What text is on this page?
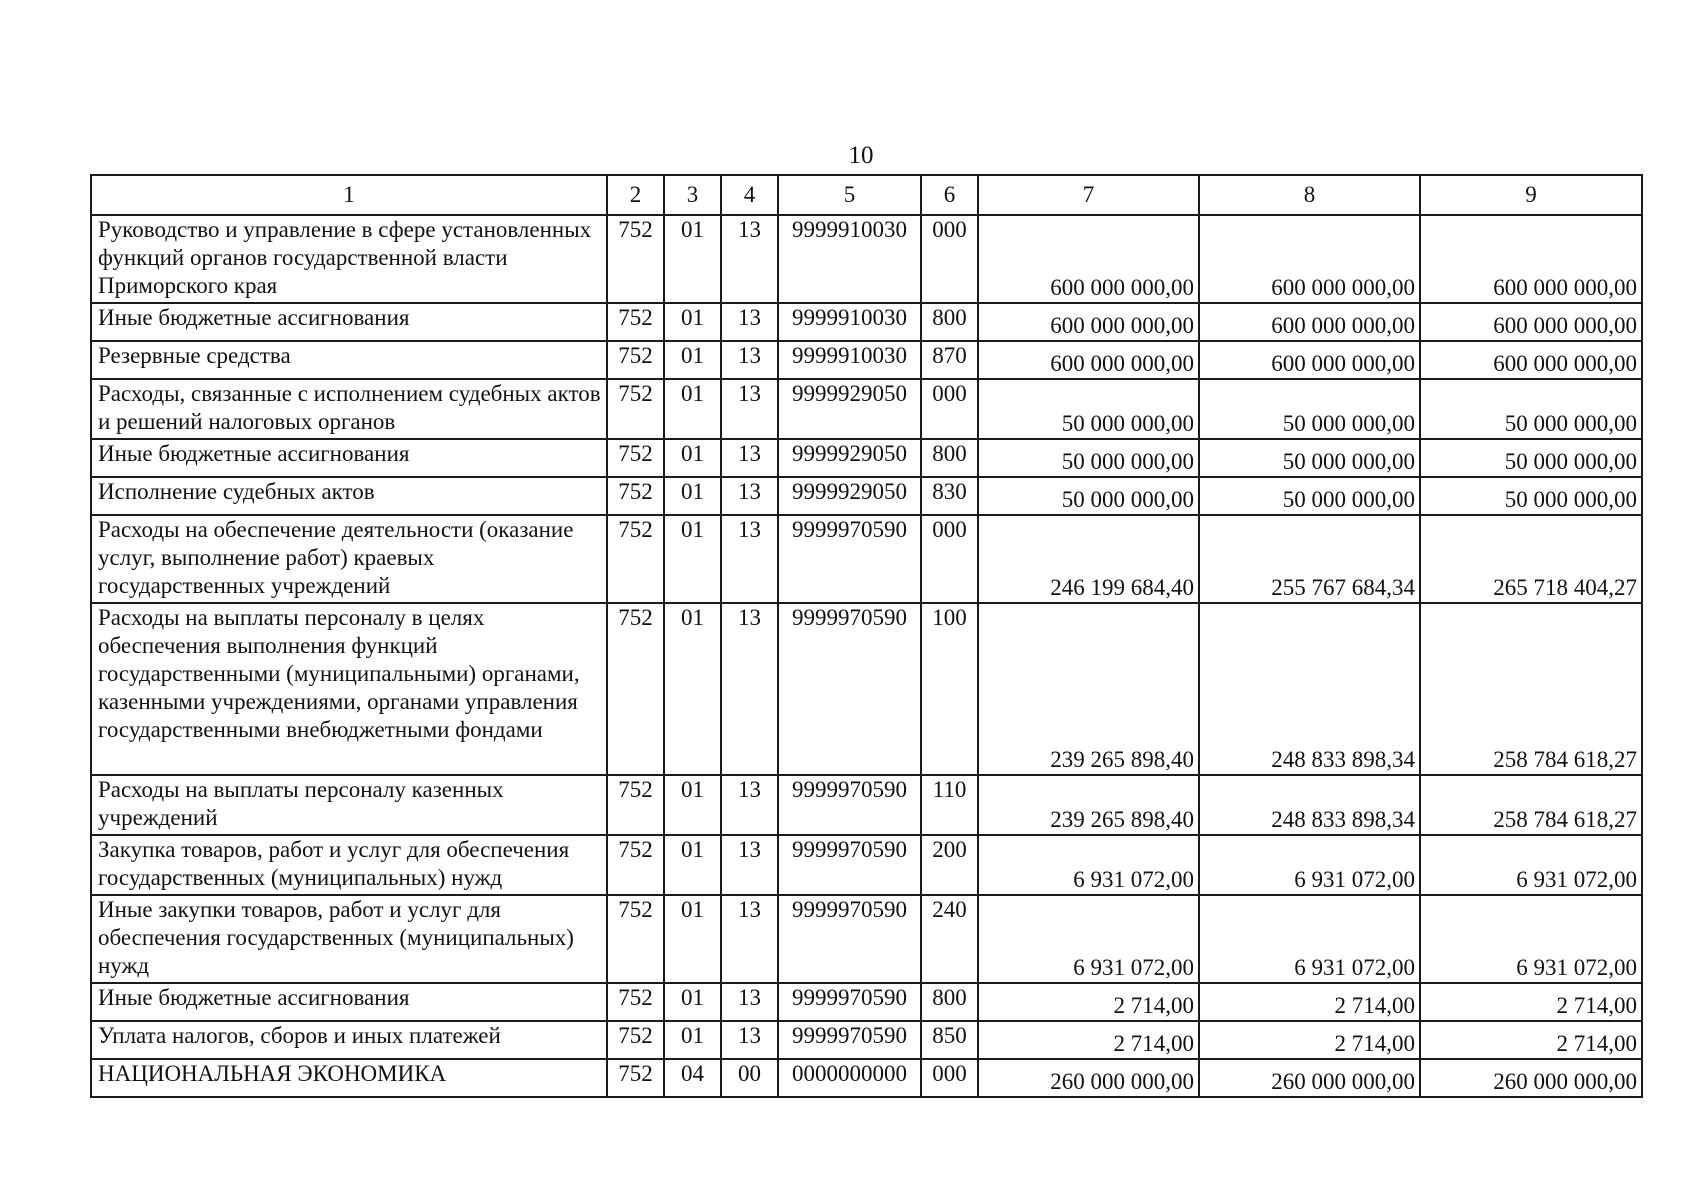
10
1	2	3	4	5	6	7	8	9
Руководство и управление в сфере установленных функций органов государственной власти Приморского края	752	01	13	9999910030	000	600 000 000,00	600 000 000,00	600 000 000,00
Иные бюджетные ассигнования	752	01	13	9999910030	800	600 000 000,00	600 000 000,00	600 000 000,00
Резервные средства	752	01	13	9999910030	870	600 000 000,00	600 000 000,00	600 000 000,00
Расходы, связанные с исполнением судебных актов и решений налоговых органов	752	01	13	9999929050	000	50 000 000,00	50 000 000,00	50 000 000,00
Иные бюджетные ассигнования	752	01	13	9999929050	800	50 000 000,00	50 000 000,00	50 000 000,00
Исполнение судебных актов	752	01	13	9999929050	830	50 000 000,00	50 000 000,00	50 000 000,00
Расходы на обеспечение деятельности (оказание услуг, выполнение работ) краевых государственных учреждений	752	01	13	9999970590	000	246 199 684,40	255 767 684,34	265 718 404,27
Расходы на выплаты персоналу в целях обеспечения выполнения функций государственными (муниципальными) органами, казенными учреждениями, органами управления государственными внебюджетными фондами	752	01	13	9999970590	100	239 265 898,40	248 833 898,34	258 784 618,27
Расходы на выплаты персоналу казенных учреждений	752	01	13	9999970590	110	239 265 898,40	248 833 898,34	258 784 618,27
Закупка товаров, работ и услуг для обеспечения государственных (муниципальных) нужд	752	01	13	9999970590	200	6 931 072,00	6 931 072,00	6 931 072,00
Иные закупки товаров, работ и услуг для обеспечения государственных (муниципальных) нужд	752	01	13	9999970590	240	6 931 072,00	6 931 072,00	6 931 072,00
Иные бюджетные ассигнования	752	01	13	9999970590	800	2 714,00	2 714,00	2 714,00
Уплата налогов, сборов и иных платежей	752	01	13	9999970590	850	2 714,00	2 714,00	2 714,00
НАЦИОНАЛЬНАЯ ЭКОНОМИКА	752	04	00	0000000000	000	260 000 000,00	260 000 000,00	260 000 000,00
